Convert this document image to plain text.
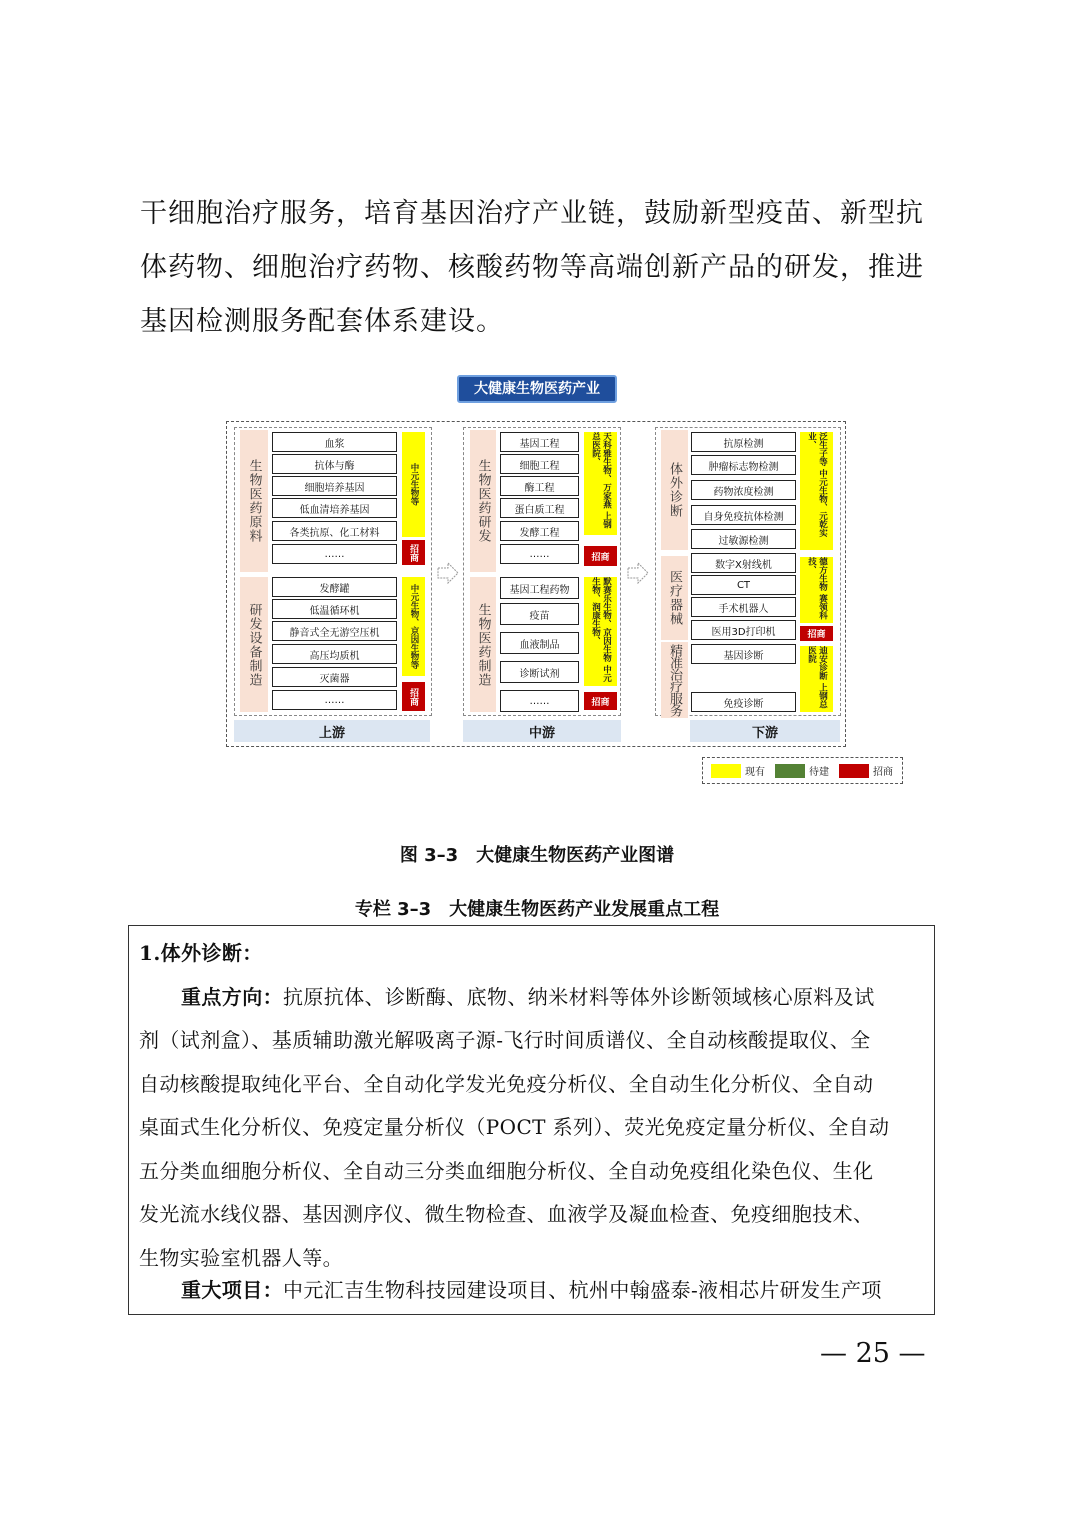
干细胞治疗服务，培育基因治疗产业链，鼓励新型疫苗、新型抗
体药物、细胞治疗药物、核酸药物等高端创新产品的研发，推进
基因检测服务配套体系建设。
大健康生物医药产业
生物医药原料
血浆
抗体与酶
细胞培养基因
低血清培养基因
各类抗原、化工材料
……
中元生物等
招商
研发设备制造
发酵罐
低温循环机
静音式全无游空压机
高压均质机
灭菌器
……
中元生物、京因生物等
招商
生物医药研发
基因工程
细胞工程
酶工程
蛋白质工程
发酵工程
……
天科雅生物、万家燕 上钢总医院、
招商
生物医药制造
基因工程药物
疫苗
血液制品
诊断试剂
……
默赛乐生物、京因生物 中元生物、润康生物、
招商
体外诊断
抗原检测
肿瘤标志物检测
药物浓度检测
自身免疫抗体检测
过敏源检测
泛生子等 中元生物、元乾实业、
医疗器械
数字X射线机
CT
手术机器人
医用3D打印机
德方生物 赛领科技、
招商
精准治疗服务	基因诊断
免疫诊断	迪安诊断 上钢总医院
上游	中游	下游
现有	待建	招商
图 3–3　大健康生物医药产业图谱
专栏 3–3　大健康生物医药产业发展重点工程
1.体外诊断：
重点方向：抗原抗体、诊断酶、底物、纳米材料等体外诊断领域核心原料及试
剂（试剂盒）、基质辅助激光解吸离子源-飞行时间质谱仪、全自动核酸提取仪、全
自动核酸提取纯化平台、全自动化学发光免疫分析仪、全自动生化分析仪、全自动
桌面式生化分析仪、免疫定量分析仪（POCT 系列）、荧光免疫定量分析仪、全自动
五分类血细胞分析仪、全自动三分类血细胞分析仪、全自动免疫组化染色仪、生化
发光流水线仪器、基因测序仪、微生物检查、血液学及凝血检查、免疫细胞技术、
生物实验室机器人等。
重大项目：中元汇吉生物科技园建设项目、杭州中翰盛泰-液相芯片研发生产项
— 25 —
